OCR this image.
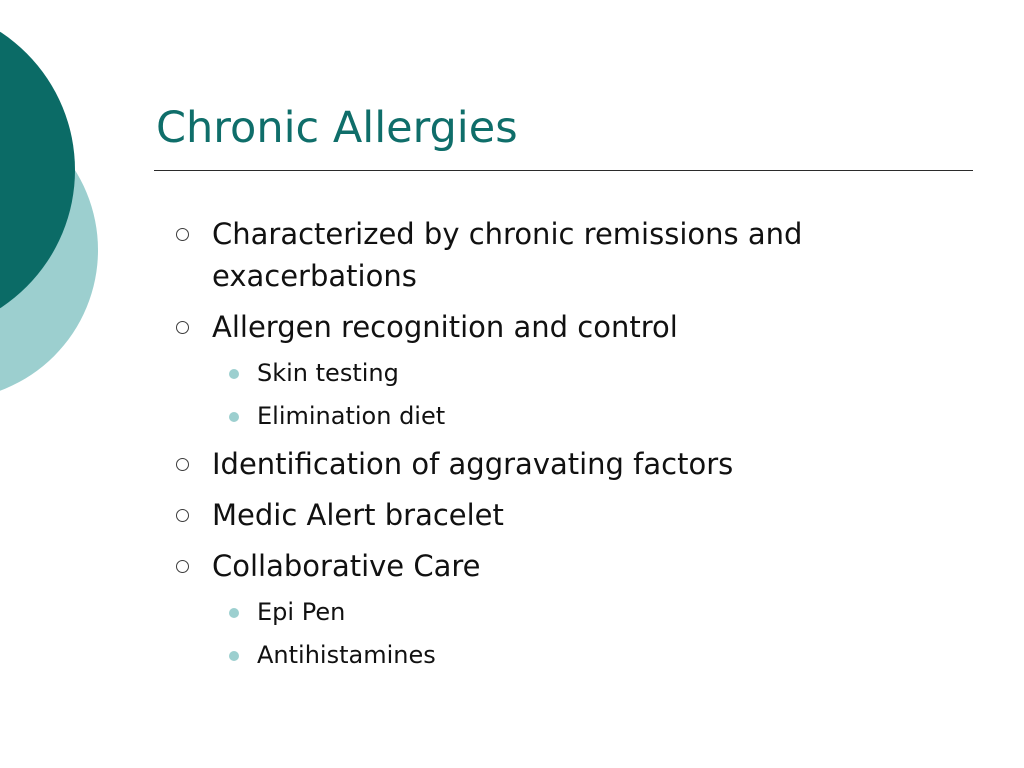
Chronic Allergies
Characterized by chronic remissions and exacerbations
Allergen recognition and control
Skin testing
Elimination diet
Identification of aggravating factors
Medic Alert bracelet
Collaborative Care
Epi Pen
Antihistamines
